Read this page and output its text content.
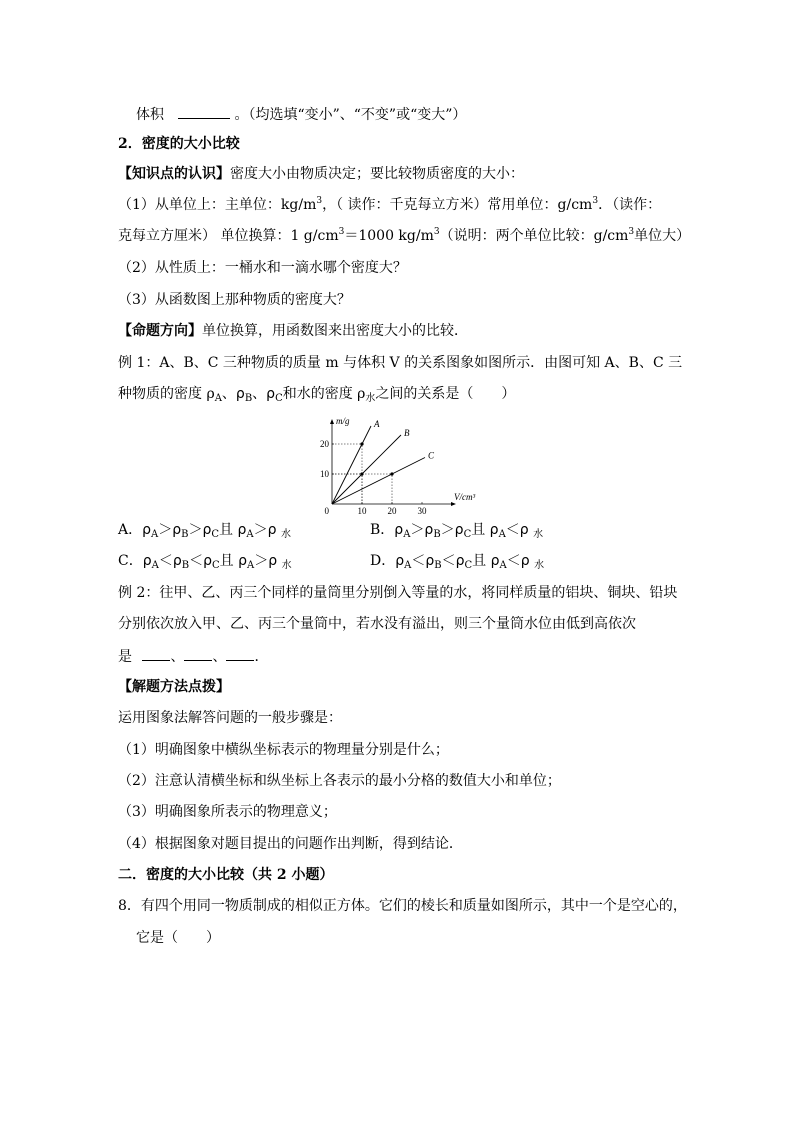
体积	。（均选填“变小”、“不变”或“变大”）
2．密度的大小比较
【知识点的认识】密度大小由物质决定；要比较物质密度的大小：
（1）从单位上：主单位：$kg/m^3$，（ 读作：千克每立方米）常用单位：$g/cm^3$．（读作：
克每立方厘米） 单位换算：1 $g/cm^3=1000$ $kg/m^3$（说明：两个单位比较：$g/cm^3$单位大）
（2）从性质上：一桶水和一滴水哪个密度大？
（3）从函数图上那种物质的密度大？
【命题方向】单位换算，用函数图来出密度大小的比较．
例 1：A、B、C 三种物质的质量 m 与体积 V 的关系图象如图所示．由图可知 A、B、C 三
种物质的密度 $\rho_A$、$\rho_B$、$\rho_C$和水的密度 $\rho_水$之间的关系是（　　）
10 20 30
10
20
0
V/cm³
m/g	A
B
C
A．$\rho_A>\rho_B>\rho_C$且 $\rho_A>\rho$ $_水$	B．$\rho_A>\rho_B>\rho_C$且 $\rho_A<\rho$ $_水$
C．$\rho_A<\rho_B<\rho_C$且 $\rho_A>\rho$ $_水$	D．$\rho_A<\rho_B<\rho_C$且 $\rho_A<\rho$ $_水$
例 2：往甲、乙、丙三个同样的量筒里分别倒入等量的水，将同样质量的铝块、铜块、铅块
分别依次放入甲、乙、丙三个量筒中，若水没有溢出，则三个量筒水位由低到高依次
是	、 、 ．
【解题方法点拨】
运用图象法解答问题的一般步骤是：
（1）明确图象中横纵坐标表示的物理量分别是什么；
（2）注意认清横坐标和纵坐标上各表示的最小分格的数值大小和单位；
（3）明确图象所表示的物理意义；
（4）根据图象对题目提出的问题作出判断，得到结论．
二．密度的大小比较（共 2 小题）
8．有四个用同一物质制成的相似正方体。它们的棱长和质量如图所示，其中一个是空心的，
它是（　　）
